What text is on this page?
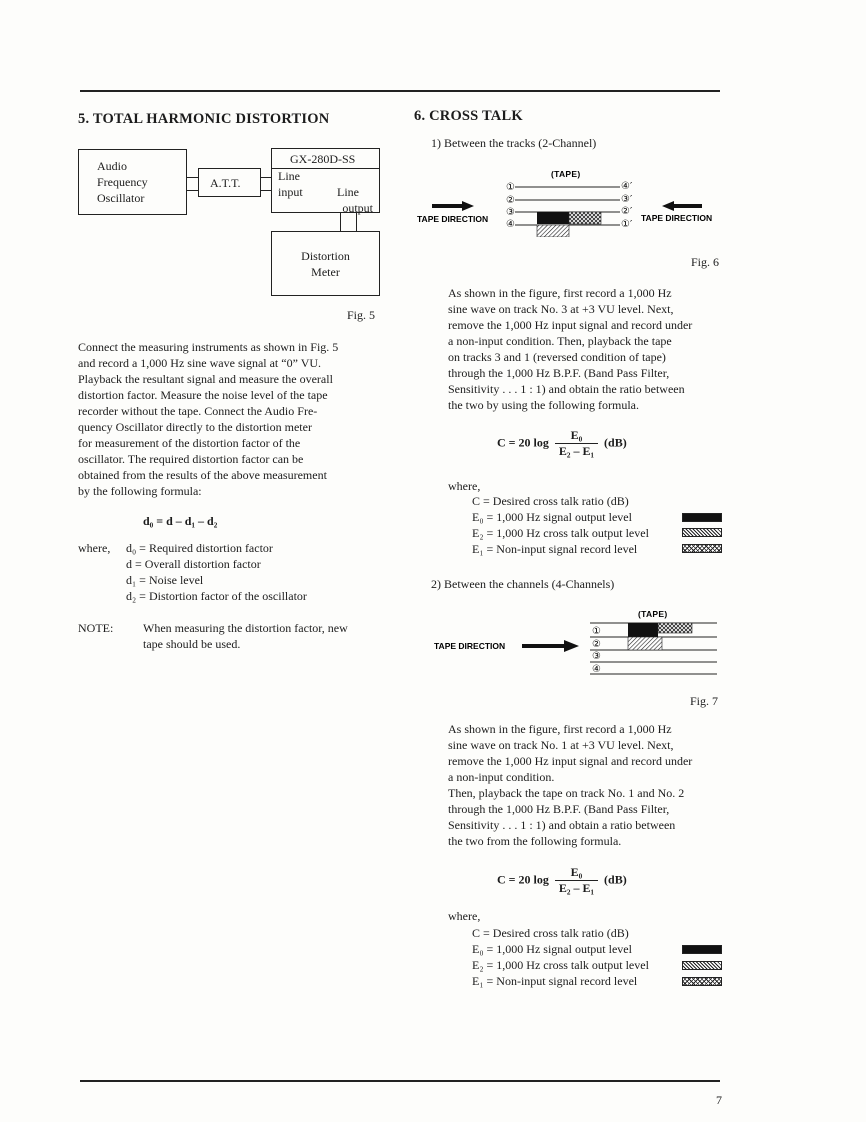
5. TOTAL HARMONIC DISTORTION
Audio
Frequency
Oscillator
A.T.T.
GX-280D-SS
Line
input	Line
output
Distortion
Meter
Fig. 5
Connect the measuring instruments as shown in Fig. 5
and record a 1,000 Hz sine wave signal at “0” VU.
Playback the resultant signal and measure the overall
distortion factor. Measure the noise level of the tape
recorder without the tape. Connect the Audio Fre-
quency Oscillator directly to the distortion meter
for measurement of the distortion factor of the
oscillator. The required distortion factor can be
obtained from the results of the above measurement
by the following formula:
d₀ = d – d₁ – d₂
where, d₀ = Required distortion factor
d = Overall distortion factor
d₁ = Noise level
d₂ = Distortion factor of the oscillator
NOTE: When measuring the distortion factor, new
tape should be used.
6. CROSS TALK
1) Between the tracks (2-Channel)
(TAPE)
①
②
③
④
④′
③′
②′
①′
TAPE DIRECTION	TAPE DIRECTION
Fig. 6
As shown in the figure, first record a 1,000 Hz
sine wave on track No. 3 at +3 VU level. Next,
remove the 1,000 Hz input signal and record under
a non-input condition. Then, playback the tape
on tracks 3 and 1 (reversed condition of tape)
through the 1,000 Hz B.P.F. (Band Pass Filter,
Sensitivity . . . 1 : 1) and obtain the ratio between
the two by using the following formula.
C = 20 $\log \frac{\text{E₀}}{\text{E₂ – E₁}} (dB)$
where,
C = Desired cross talk ratio (dB)
E₀ = 1,000 Hz signal output level
E₂ = 1,000 Hz cross talk output level
E₁ = Non-input signal record level
2) Between the channels (4-Channels)
(TAPE)
①
②
③
④
TAPE DIRECTION
Fig. 7
As shown in the figure, first record a 1,000 Hz
sine wave on track No. 1 at +3 VU level. Next,
remove the 1,000 Hz input signal and record under
a non-input condition.
Then, playback the tape on track No. 1 and No. 2
through the 1,000 Hz B.P.F. (Band Pass Filter,
Sensitivity . . . 1 : 1) and obtain a ratio between
the two from the following formula.
C = 20 $\log \frac{\text{E₀}}{\text{E₂ – E₁}} (dB)$
where,
C = Desired cross talk ratio (dB)
E₀ = 1,000 Hz signal output level
E₂ = 1,000 Hz cross talk output level
E₁ = Non-input signal record level
7
